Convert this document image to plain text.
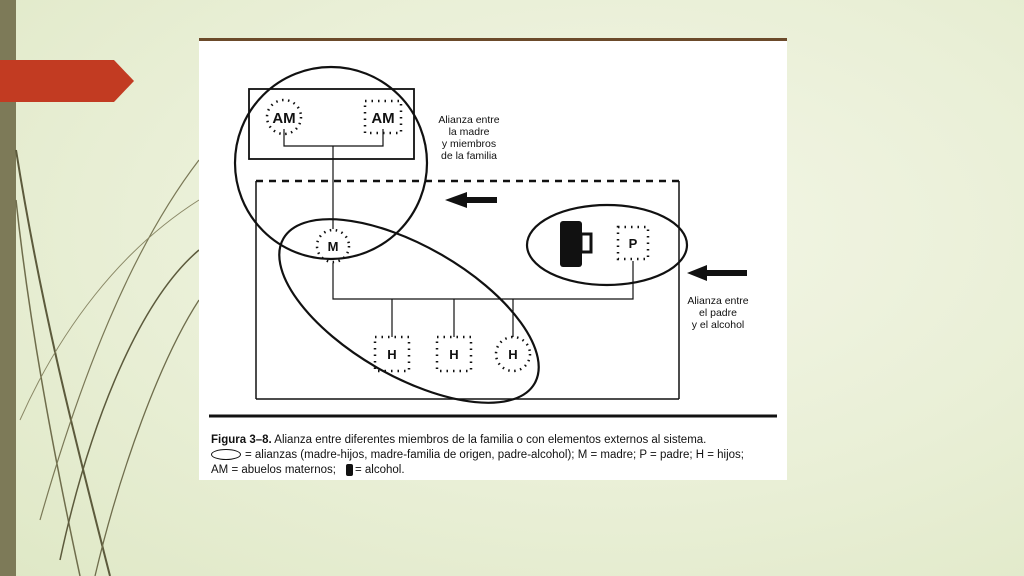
AM	AM
M	P
H	H	H
Alianza entre
la madre
y miembros
de la familia
Alianza entre
el padre
y el alcohol
Figura 3–8. Alianza entre diferentes miembros de la familia o con elementos externos al sistema.
= alianzas (madre-hijos, madre-familia de origen, padre-alcohol); M = madre; P = padre; H = hijos;
AM = abuelos maternos; = alcohol.
